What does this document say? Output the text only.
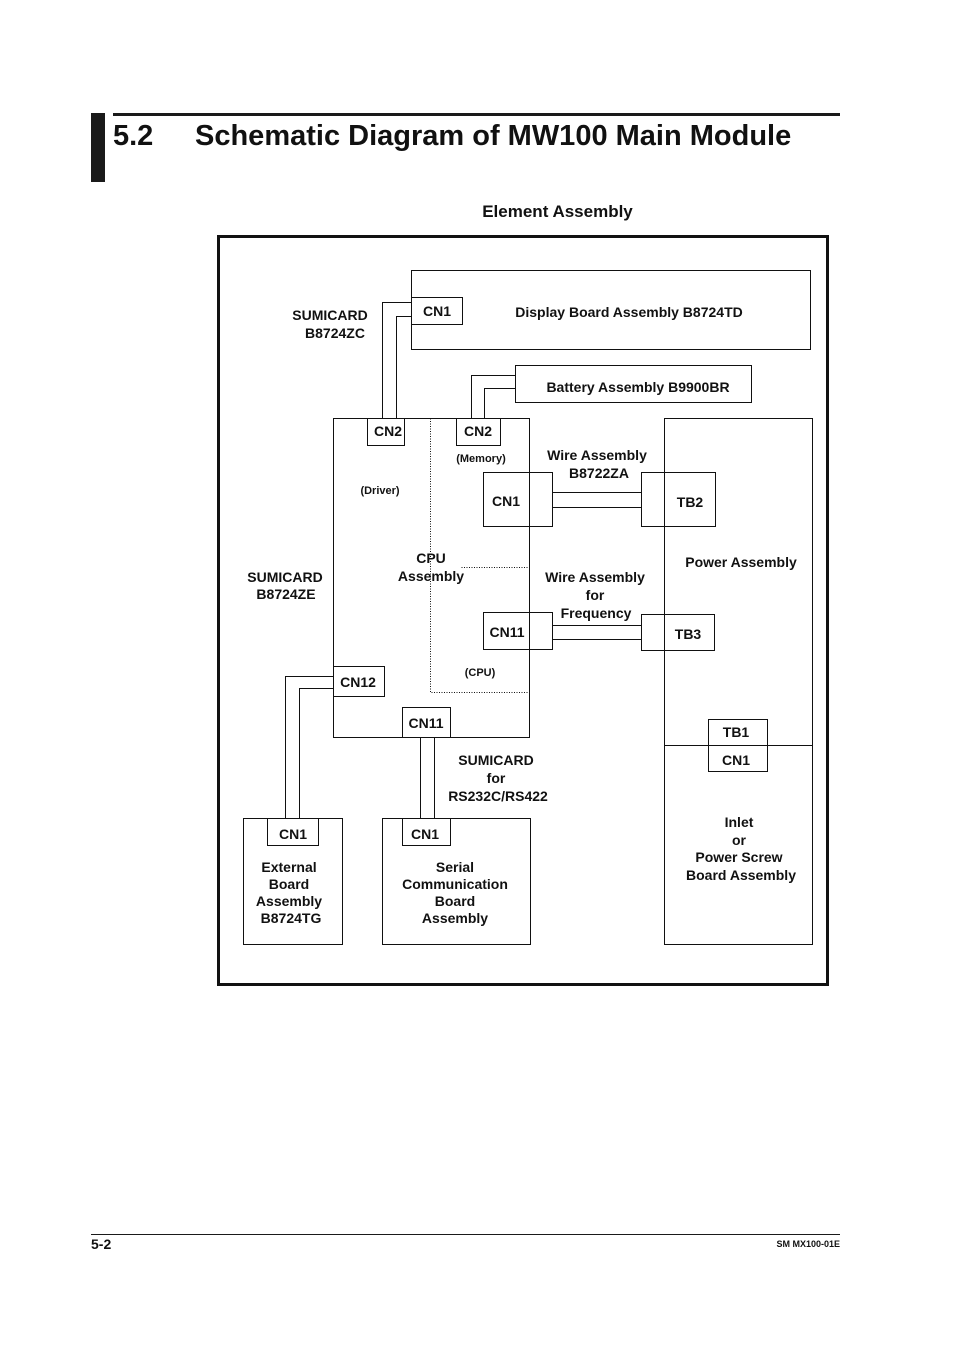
5.2 Schematic Diagram of MW100 Main Module
Element Assembly
SUMICARD
B8724ZC
CN1	Display Board Assembly B8724TD
Battery Assembly B9900BR
CN2	CN2
(Memory)
(Driver)
Wire Assembly
B8722ZA
CN1	TB2
CPU
Assembly
SUMICARD
B8724ZE
Power Assembly
Wire Assembly
for
Frequency
CN11	TB3
(CPU)
CN12
CN11
TB1
CN1
SUMICARD
for
RS232C/RS422
Inlet
or
Power Screw
Board Assembly
CN1
External
Board
Assembly
B8724TG
CN1
Serial
Communication
Board
Assembly
5-2	SM MX100-01E
